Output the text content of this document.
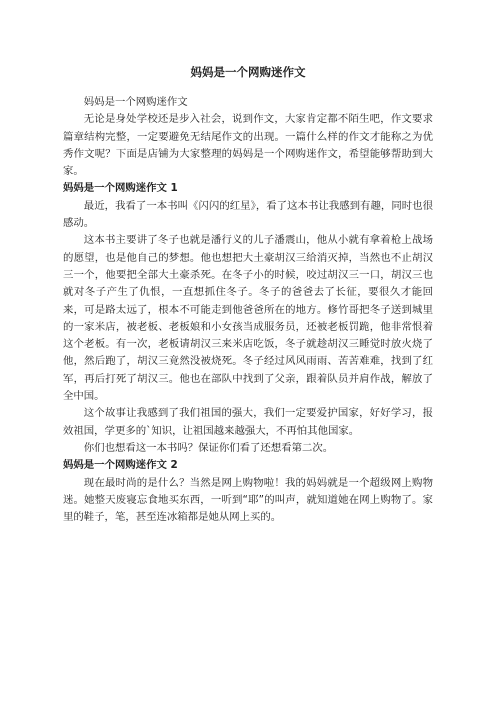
妈妈是一个网购迷作文

妈妈是一个网购迷作文

无论是身处学校还是步入社会，说到作文，大家肯定都不陌生吧，作文要求篇章结构完整，一定要避免无结尾作文的出现。一篇什么样的作文才能称之为优秀作文呢？下面是店铺为大家整理的妈妈是一个网购迷作文，希望能够帮助到大家。

妈妈是一个网购迷作文 1

最近，我看了一本书叫《闪闪的红星》，看了这本书让我感到有趣，同时也很感动。

这本书主要讲了冬子也就是潘行义的儿子潘震山，他从小就有拿着枪上战场的愿望，也是他自己的梦想。他也想把大土豪胡汉三给消灭掉，当然也不止胡汉三一个，他要把全部大土豪杀死。在冬子小的时候，咬过胡汉三一口，胡汉三也就对冬子产生了仇恨，一直想抓住冬子。冬子的爸爸去了长征，要很久才能回来，可是路太远了，根本不可能走到他爸爸所在的地方。修竹哥把冬子送到城里的一家米店，被老板、老板娘和小女孩当成服务员，还被老板罚跪，他非常恨着这个老板。有一次，老板请胡汉三来米店吃饭，冬子就趁胡汉三睡觉时放火烧了他，然后跑了，胡汉三竟然没被烧死。冬子经过风风雨雨、苦苦难难，找到了红军，再后打死了胡汉三。他也在部队中找到了父亲，跟着队员并肩作战，解放了全中国。

这个故事让我感到了我们祖国的强大，我们一定要爱护国家，好好学习，报效祖国，学更多的`知识，让祖国越来越强大，不再怕其他国家。

你们也想看这一本书吗？保证你们看了还想看第二次。

妈妈是一个网购迷作文 2

现在最时尚的是什么？当然是网上购物啦！我的妈妈就是一个超级网上购物迷。她整天废寝忘食地买东西，一听到“耶”的叫声，就知道她在网上购物了。家里的鞋子，笔，甚至连冰箱都是她从网上买的。
